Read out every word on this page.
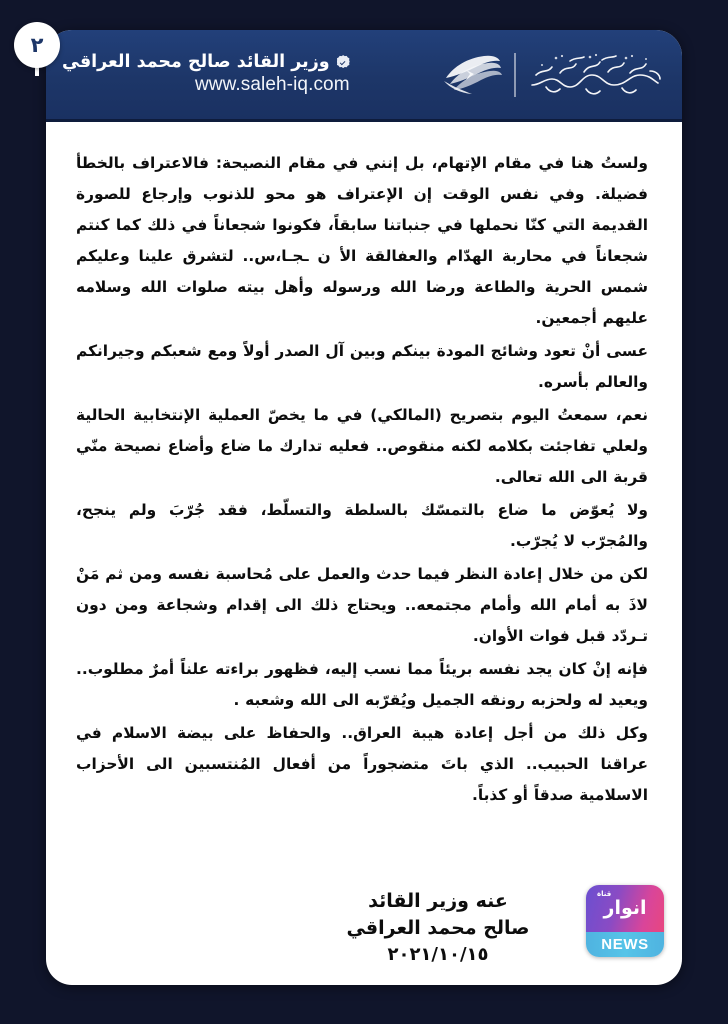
وزير القائد صالح محمد العراقي
www.saleh-iq.com

ولستُ هنا في مقام الإتهام، بل إنني في مقام النصيحة: فالاعتراف بالخطأ فضيلة. وفي نفس الوقت إن الإعتراف هو محو للذنوب وإرجاع للصورة القديمة التي كنّا نحملها في جنباتنا سابقاً، فكونوا شجعاناً في ذلك كما كنتم شجعاناً في محاربة الهدّام والعفالقة الأ ن ـجـا،س.. لتشرق علينا وعليكم شمس الحرية والطاعة ورضا الله ورسوله وأهل بيته صلوات الله وسلامه عليهم أجمعين.

عسى أنْ تعود وشائج المودة بينكم وبين آل الصدر أولاً ومع شعبكم وجيرانكم والعالم بأسره.

نعم، سمعتُ اليوم بتصريح (المالكي) في ما يخصّ العملية الإنتخابية الحالية ولعلي تفاجئت بكلامه لكنه منقوص.. فعليه تدارك ما ضاع وأضاع نصيحة منّي قربة الى الله تعالى.

ولا يُعوّض ما ضاع بالتمسّك بالسلطة والتسلّط، فقد جُرّبَ ولم ينجح، والمُجرّب لا يُجرّب.

لكن من خلال إعادة النظر فيما حدث والعمل على مُحاسبة نفسه ومن ثم مَنْ لاذَ به أمام الله وأمام مجتمعه.. ويحتاج ذلك الى إقدام وشجاعة ومن دون تـردّد قبل فوات الأوان.

فإنه إنْ كان يجد نفسه بريئاً مما نسب إليه، فظهور براءته علناً أمرٌ مطلوب.. ويعيد له ولحزبه رونقه الجميل ويُقرّبه الى الله وشعبه .

وكل ذلك من أجل إعادة هيبة العراق.. والحفاظ على بيضة الاسلام في عراقنا الحبيب.. الذي باتَ متضجوراً من أفعال المُنتسبين الى الأحزاب الاسلامية صدقاً أو كذباً.

عنه وزير القائد
صالح محمد العراقي
٢٠٢١/١٠/١٥
قناة
انوار
NEWS
٢
